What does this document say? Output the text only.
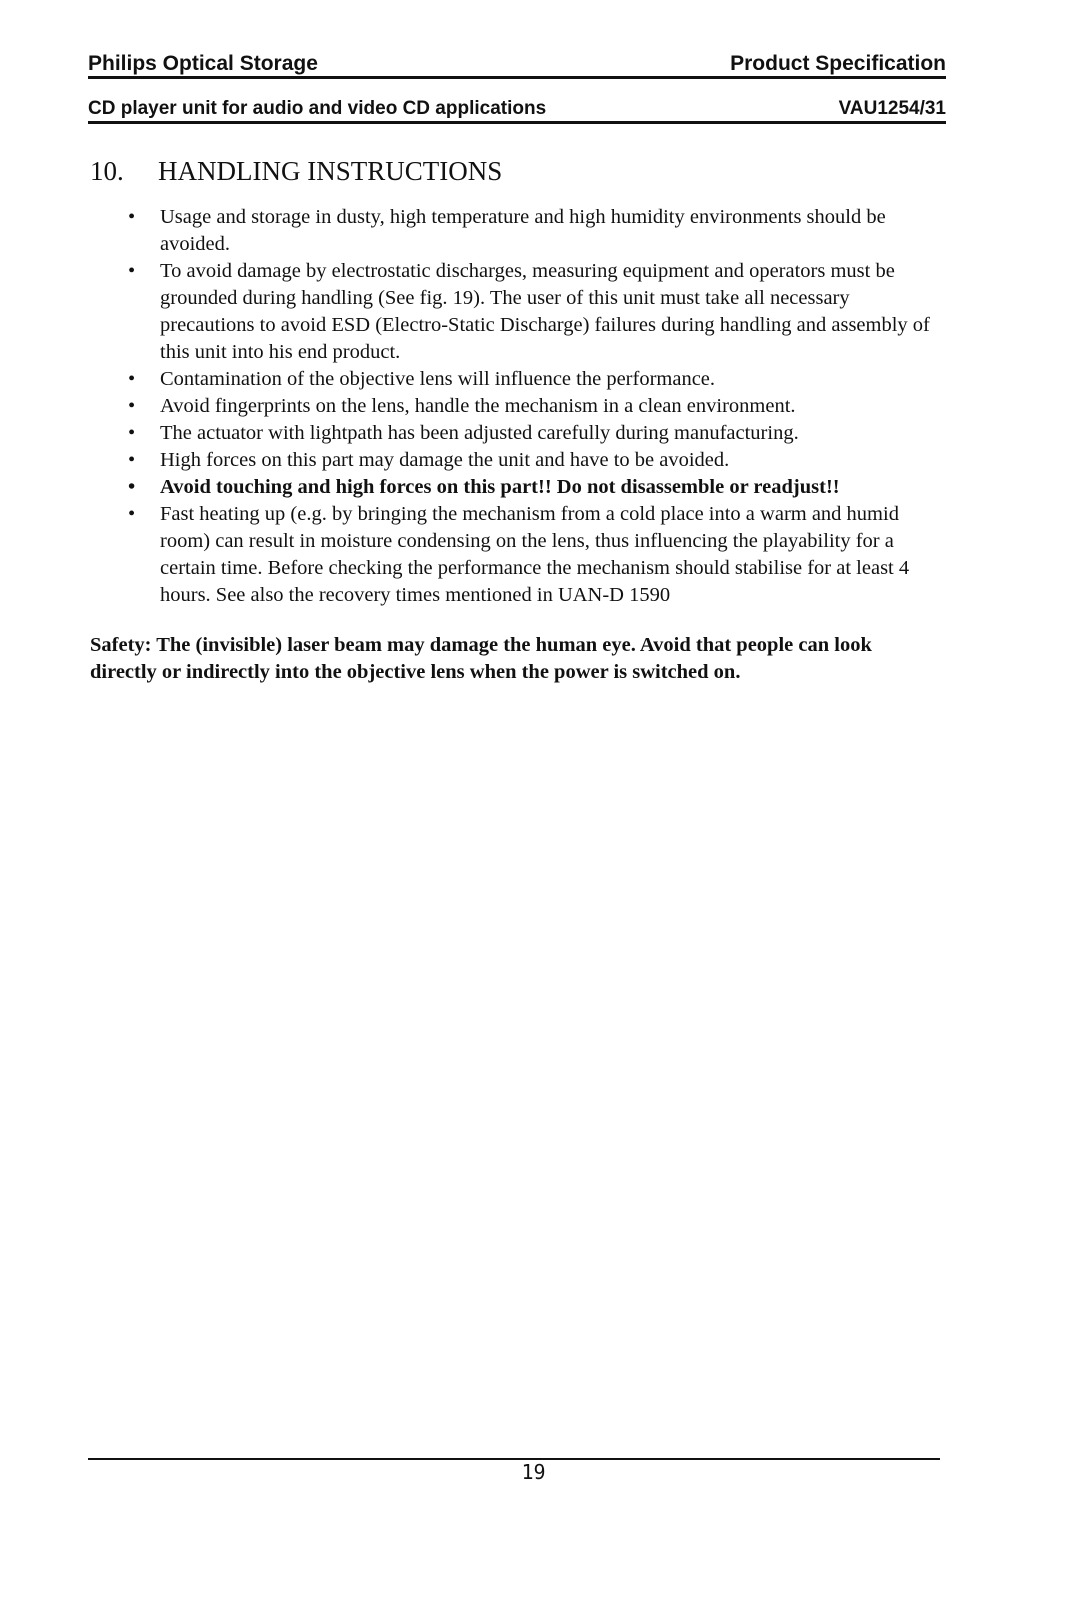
Philips Optical Storage	Product Specification
CD player unit for audio and video CD applications	VAU1254/31
10.	HANDLING INSTRUCTIONS
• Usage and storage in dusty, high temperature and high humidity environments should be avoided.
• To avoid damage by electrostatic discharges, measuring equipment and operators must be grounded during handling (See fig. 19). The user of this unit must take all necessary precautions to avoid ESD (Electro-Static Discharge) failures during handling and assembly of this unit into his end product.
• Contamination of the objective lens will influence the performance.
• Avoid fingerprints on the lens, handle the mechanism in a clean environment.
• The actuator with lightpath has been adjusted carefully during manufacturing.
• High forces on this part may damage the unit and have to be avoided.
• Avoid touching and high forces on this part!! Do not disassemble or readjust!!
• Fast heating up (e.g. by bringing the mechanism from a cold place into a warm and humid room) can result in moisture condensing on the lens, thus influencing the playability for a certain time. Before checking the performance the mechanism should stabilise for at least 4 hours. See also the recovery times mentioned in UAN-D 1590

Safety: The (invisible) laser beam may damage the human eye. Avoid that people can look directly or indirectly into the objective lens when the power is switched on.

19
